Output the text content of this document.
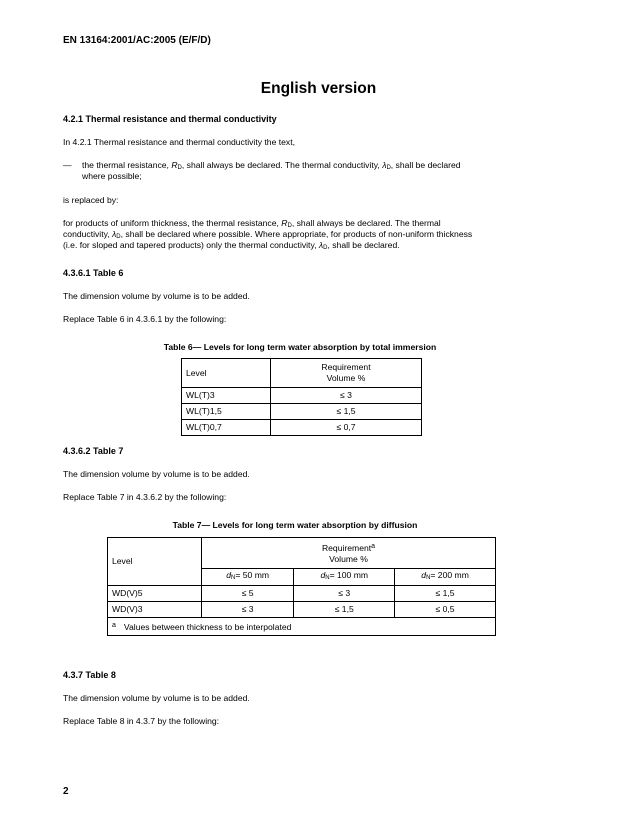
EN 13164:2001/AC:2005 (E/F/D)
English version
4.2.1 Thermal resistance and thermal conductivity
In 4.2.1 Thermal resistance and thermal conductivity the text,
— the thermal resistance, $R_D$, shall always be declared. The thermal conductivity, $\lambda_D$, shall be declared
where possible;
is replaced by:
for products of uniform thickness, the thermal resistance, $R_D$, shall always be declared. The thermal
conductivity, $\lambda_D$, shall be declared where possible. Where appropriate, for products of non-uniform thickness
(i.e. for sloped and tapered products) only the thermal conductivity, $\lambda_D$, shall be declared.
4.3.6.1 Table 6
The dimension volume by volume is to be added.
Replace Table 6 in 4.3.6.1 by the following:
Table 6— Levels for long term water absorption by total immersion
Level	Requirement
Volume %

WL(T)3	≤ 3
WL(T)1,5	≤ 1,5
WL(T)0,7	≤ 0,7
4.3.6.2 Table 7
The dimension volume by volume is to be added.
Replace Table 7 in 4.3.6.2 by the following:
Table 7— Levels for long term water absorption by diffusion
Level	Requirement$^a$
Volume %		

	$d_N= 50$ mm	$d_N= 100$ mm	$d_N= 200$ mm
WD(V)5	≤ 5	≤ 3	≤ 1,5
WD(V)3	≤ 3	≤ 1,5	≤ 0,5
$^a$ Values between thickness to be interpolated			
4.3.7 Table 8
The dimension volume by volume is to be added.
Replace Table 8 in 4.3.7 by the following:
2
